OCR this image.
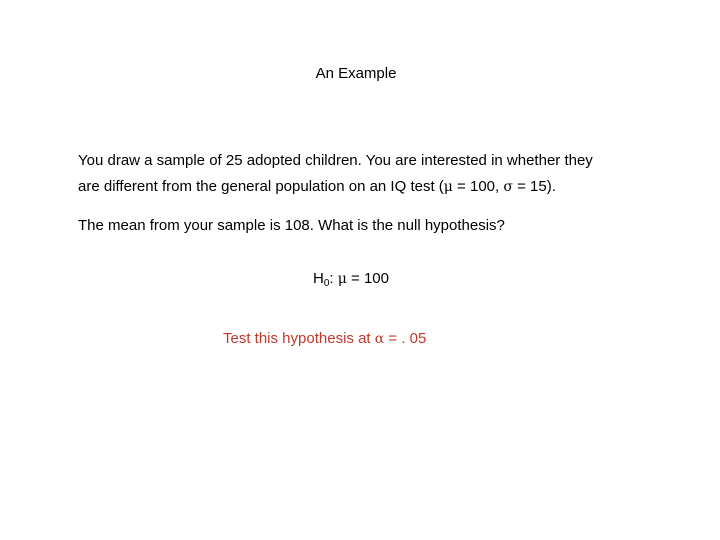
An Example
You draw a sample of 25 adopted children. You are interested in whether they
are different from the general population on an IQ test (μ = 100, σ = 15).
The mean from your sample is 108. What is the null hypothesis?
$H_0$: μ = 100
Test this hypothesis at α = . 05
